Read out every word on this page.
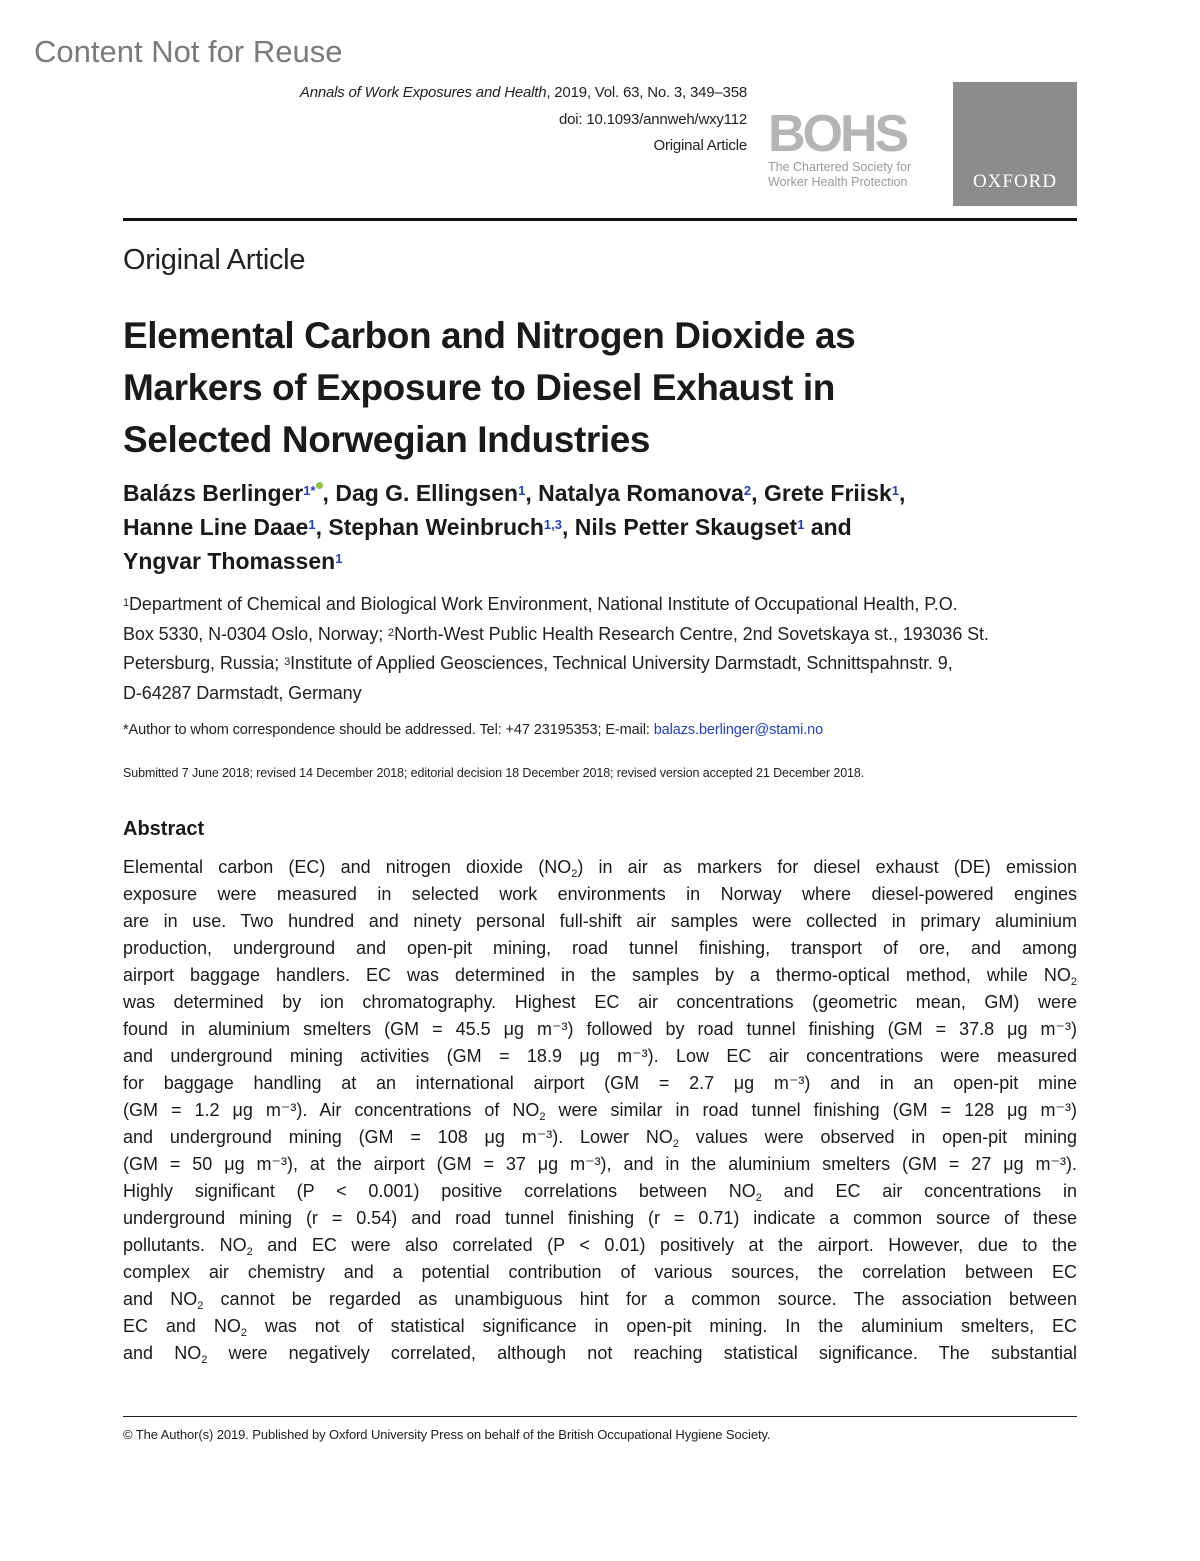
Content Not for Reuse
Annals of Work Exposures and Health, 2019, Vol. 63, No. 3, 349–358
doi: 10.1093/annweh/wxy112
Original Article BOHS
The Chartered Society for
Worker Health Protection	OXFORD
Original Article
Elemental Carbon and Nitrogen Dioxide as
Markers of Exposure to Diesel Exhaust in
Selected Norwegian Industries
Balázs Berlinger$^{1*}$ , Dag G. Ellingsen$^1$, Natalya Romanova$^2$, Grete Friisk$^1$,
Hanne Line Daae$^1$, Stephan Weinbruch$^{1,3}$, Nils Petter Skaugset$^1$ and
Yngvar Thomassen$^1$
$^1$Department of Chemical and Biological Work Environment, National Institute of Occupational Health, P.O.
Box 5330, N-0304 Oslo, Norway; $^2$North-West Public Health Research Centre, 2nd Sovetskaya st., 193036 St.
Petersburg, Russia; $^3$Institute of Applied Geosciences, Technical University Darmstadt, Schnittspahnstr. 9,
D-64287 Darmstadt, Germany
*Author to whom correspondence should be addressed. Tel: +47 23195353; E-mail: balazs.berlinger@stami.no
Submitted 7 June 2018; revised 14 December 2018; editorial decision 18 December 2018; revised version accepted 21 December 2018.
Abstract
Elemental carbon (EC) and nitrogen dioxide $(NO_2)$ in air as markers for diesel exhaust (DE) emission
exposure were measured in selected work environments in Norway where diesel-powered engines
are in use. Two hundred and ninety personal full-shift air samples were collected in primary aluminium
production, underground and open-pit mining, road tunnel finishing, transport of ore, and among
airport baggage handlers. EC was determined in the samples by a thermo-optical method, while $NO_2$
was determined by ion chromatography. Highest EC air concentrations (geometric mean, GM) were
found in aluminium smelters (GM = 45.5 μg m⁻³) followed by road tunnel finishing (GM = 37.8 μg m⁻³)
and underground mining activities (GM = 18.9 μg m⁻³). Low EC air concentrations were measured
for baggage handling at an international airport (GM = 2.7 μg m⁻³) and in an open-pit mine
(GM = 1.2 μg m⁻³). Air concentrations of $NO_2$ were similar in road tunnel finishing (GM = 128 μg m⁻³)
and underground mining (GM = 108 μg m⁻³). Lower $NO_2$ values were observed in open-pit mining
(GM = 50 μg m⁻³), at the airport (GM = 37 μg m⁻³), and in the aluminium smelters (GM = 27 μg m⁻³).
Highly significant (P < 0.001) positive correlations between $NO_2$ and EC air concentrations in
underground mining (r = 0.54) and road tunnel finishing (r = 0.71) indicate a common source of these
pollutants. $NO_2$ and EC were also correlated (P < 0.01) positively at the airport. However, due to the
complex air chemistry and a potential contribution of various sources, the correlation between EC
and $NO_2$ cannot be regarded as unambiguous hint for a common source. The association between
EC and $NO_2$ was not of statistical significance in open-pit mining. In the aluminium smelters, EC
and $NO_2$ were negatively correlated, although not reaching statistical significance. The substantial
© The Author(s) 2019. Published by Oxford University Press on behalf of the British Occupational Hygiene Society.
